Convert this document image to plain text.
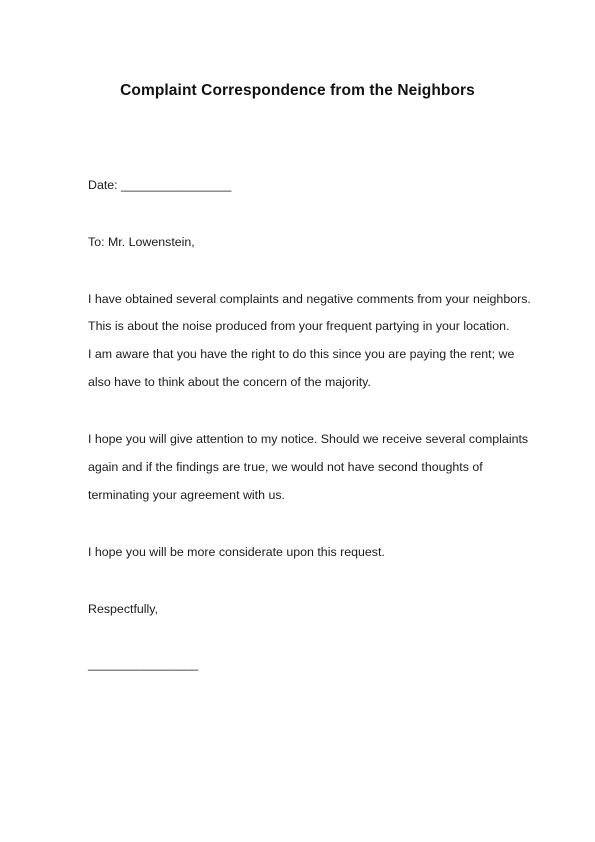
Complaint Correspondence from the Neighbors
Date: ________________
To: Mr. Lowenstein,
I have obtained several complaints and negative comments from your neighbors.
This is about the noise produced from your frequent partying in your location.
I am aware that you have the right to do this since you are paying the rent; we
also have to think about the concern of the majority.
I hope you will give attention to my notice. Should we receive several complaints
again and if the findings are true, we would not have second thoughts of
terminating your agreement with us.
I hope you will be more considerate upon this request.
Respectfully,
________________
